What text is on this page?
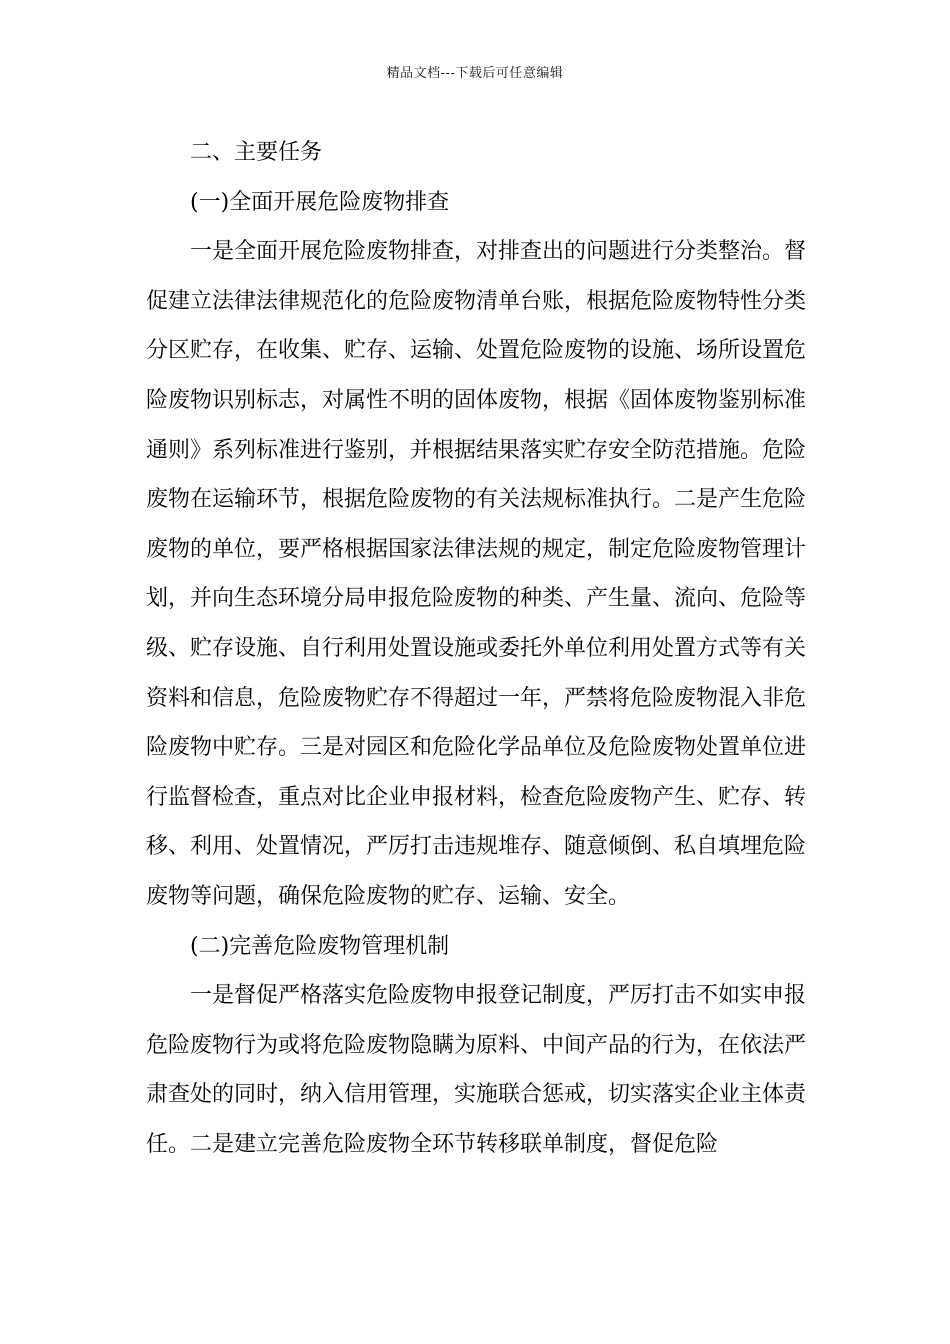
精品文档---下载后可任意编辑

二、主要任务

(一)全面开展危险废物排查

一是全面开展危险废物排查，对排查出的问题进行分类整治。督促建立法律法律规范化的危险废物清单台账，根据危险废物特性分类分区贮存，在收集、贮存、运输、处置危险废物的设施、场所设置危险废物识别标志，对属性不明的固体废物，根据《固体废物鉴别标准通则》系列标准进行鉴别，并根据结果落实贮存安全防范措施。危险废物在运输环节，根据危险废物的有关法规标准执行。二是产生危险废物的单位，要严格根据国家法律法规的规定，制定危险废物管理计划，并向生态环境分局申报危险废物的种类、产生量、流向、危险等级、贮存设施、自行利用处置设施或委托外单位利用处置方式等有关资料和信息，危险废物贮存不得超过一年，严禁将危险废物混入非危险废物中贮存。三是对园区和危险化学品单位及危险废物处置单位进行监督检查，重点对比企业申报材料，检查危险废物产生、贮存、转移、利用、处置情况，严厉打击违规堆存、随意倾倒、私自填埋危险废物等问题，确保危险废物的贮存、运输、安全。

(二)完善危险废物管理机制

一是督促严格落实危险废物申报登记制度，严厉打击不如实申报危险废物行为或将危险废物隐瞒为原料、中间产品的行为，在依法严肃查处的同时，纳入信用管理，实施联合惩戒，切实落实企业主体责任。二是建立完善危险废物全环节转移联单制度，督促危险
